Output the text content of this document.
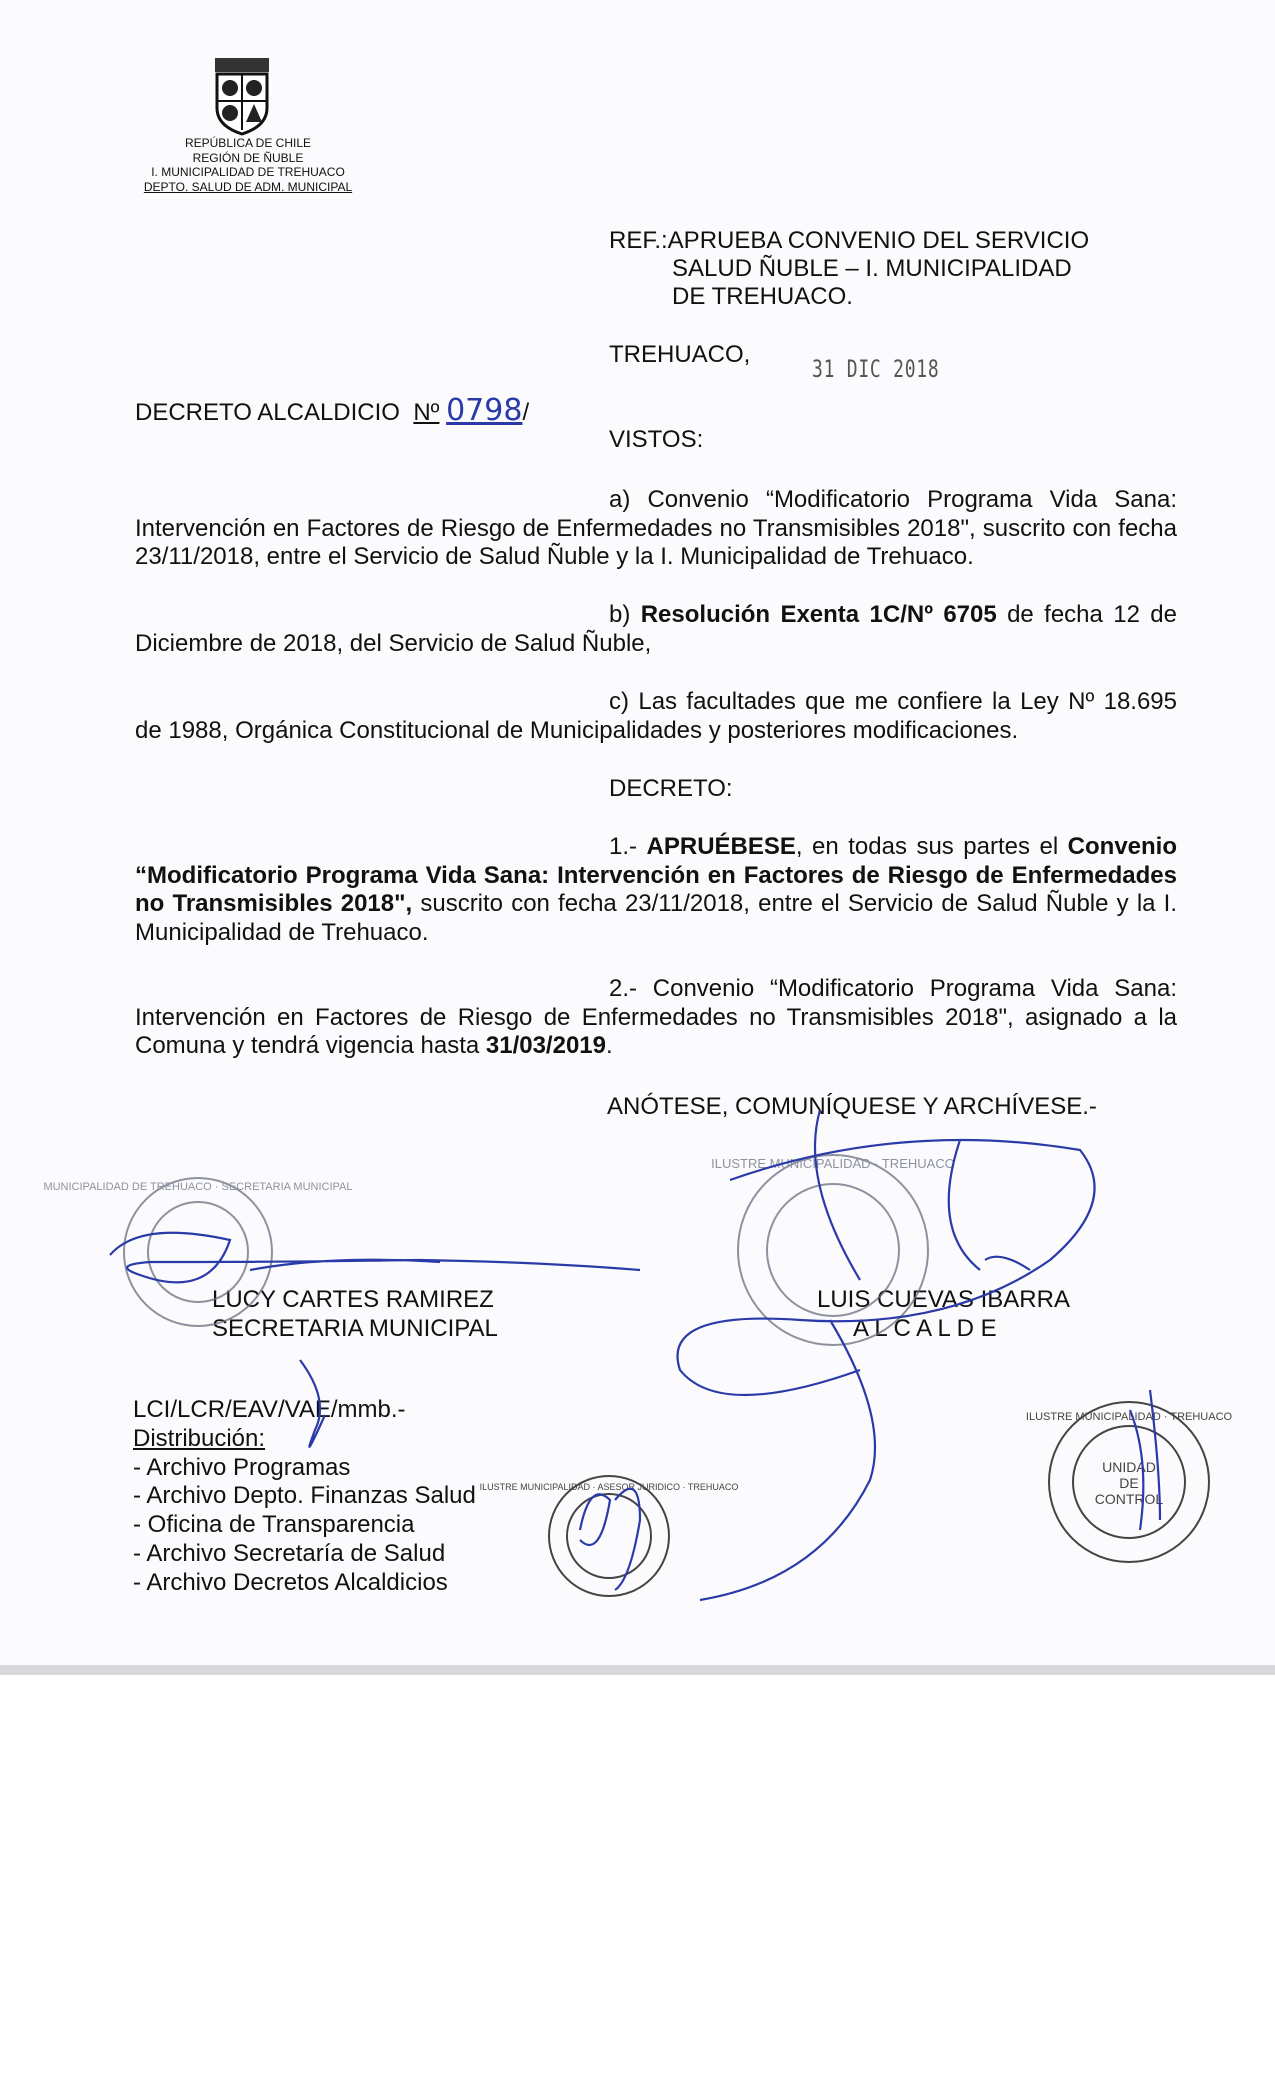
REPÚBLICA DE CHILE
REGIÓN DE ÑUBLE
I. MUNICIPALIDAD DE TREHUACO
DEPTO. SALUD DE ADM. MUNICIPAL
REF.:APRUEBA CONVENIO DEL SERVICIO
SALUD ÑUBLE – I. MUNICIPALIDAD
DE TREHUACO.
TREHUACO,
31 DIC 2018
DECRETO ALCALDICIO Nº 0798/
VISTOS:
a) Convenio “Modificatorio Programa Vida Sana: Intervención en Factores de Riesgo de Enfermedades no Transmisibles 2018", suscrito con fecha 23/11/2018, entre el Servicio de Salud Ñuble y la I. Municipalidad de Trehuaco.
b) Resolución Exenta 1C/Nº 6705 de fecha 12 de Diciembre de 2018, del Servicio de Salud Ñuble,
c) Las facultades que me confiere la Ley Nº 18.695 de 1988, Orgánica Constitucional de Municipalidades y posteriores modificaciones.
DECRETO:
1.- APRUÉBESE, en todas sus partes el Convenio “Modificatorio Programa Vida Sana: Intervención en Factores de Riesgo de Enfermedades no Transmisibles 2018", suscrito con fecha 23/11/2018, entre el Servicio de Salud Ñuble y la I. Municipalidad de Trehuaco.
2.- Convenio “Modificatorio Programa Vida Sana: Intervención en Factores de Riesgo de Enfermedades no Transmisibles 2018", asignado a la Comuna y tendrá vigencia hasta 31/03/2019.
ANÓTESE, COMUNÍQUESE Y ARCHÍVESE.-
LUCY CARTES RAMIREZ
SECRETARIA MUNICIPAL
LUIS CUEVAS IBARRA
A L C A L D E
LCI/LCR/EAV/VAE/mmb.-
Distribución:
- Archivo Programas
- Archivo Depto. Finanzas Salud
- Oficina de Transparencia
- Archivo Secretaría de Salud
- Archivo Decretos Alcaldicios
MUNICIPALIDAD DE TREHUACO · SECRETARIA MUNICIPAL
ILUSTRE MUNICIPALIDAD · TREHUACO
ILUSTRE MUNICIPALIDAD · ASESOR JURIDICO · TREHUACO
ILUSTRE MUNICIPALIDAD · TREHUACO
UNIDAD
DE
CONTROL
